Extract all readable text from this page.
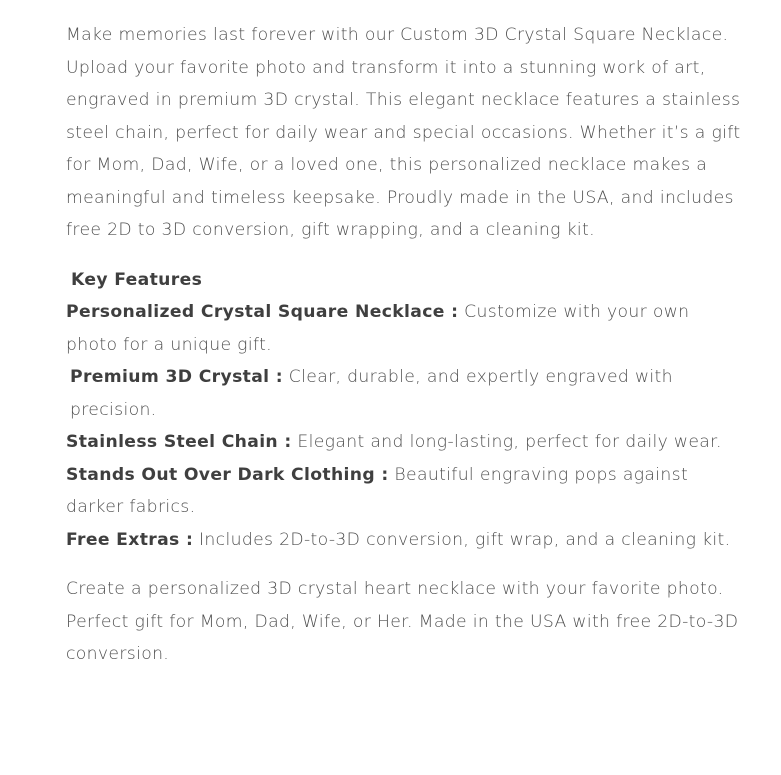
Make memories last forever with our Custom 3D Crystal Square Necklace. Upload your favorite photo and transform it into a stunning work of art, engraved in premium 3D crystal. This elegant necklace features a stainless steel chain, perfect for daily wear and special occasions. Whether it’s a gift for Mom, Dad, Wife, or a loved one, this personalized necklace makes a meaningful and timeless keepsake. Proudly made in the USA, and includes free 2D to 3D conversion, gift wrapping, and a cleaning kit.

Key Features
Personalized Crystal Square Necklace : Customize with your own photo for a unique gift.
Premium 3D Crystal : Clear, durable, and expertly engraved with precision.
Stainless Steel Chain : Elegant and long-lasting, perfect for daily wear.
Stands Out Over Dark Clothing : Beautiful engraving pops against darker fabrics.
Free Extras : Includes 2D-to-3D conversion, gift wrap, and a cleaning kit.

Create a personalized 3D crystal heart necklace with your favorite photo. Perfect gift for Mom, Dad, Wife, or Her. Made in the USA with free 2D-to-3D conversion.
